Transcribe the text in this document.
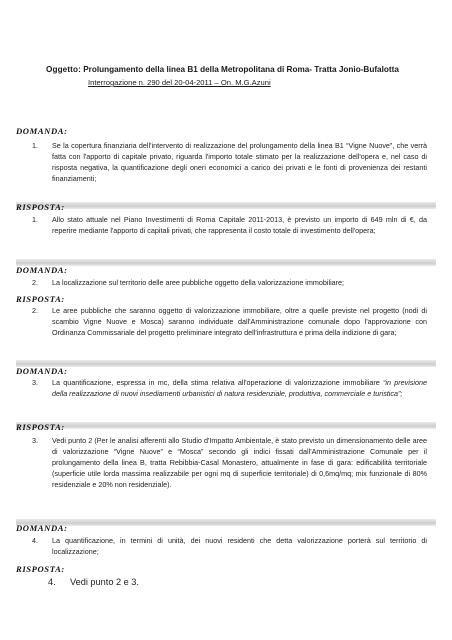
Oggetto: Prolungamento della linea B1 della Metropolitana di Roma- Tratta Jonio-Bufalotta
Interrogazione n. 290 del 20-04-2011 – On. M.G.Azuni
DOMANDA:
1. Se la copertura finanziaria dell'intervento di realizzazione del prolungamento della linea B1 “Vigne Nuove”, che verrà fatta con l'apporto di capitale privato, riguarda l'importo totale stimato per la realizzazione dell'opera e, nel caso di risposta negativa, la quantificazione degli oneri economici a carico dei privati e le fonti di provenienza dei restanti finanziamenti;
RISPOSTA:
1. Allo stato attuale nel Piano Investimenti di Roma Capitale 2011-2013, è previsto un importo di 649 mln di €, da reperire mediante l'apporto di capitali privati, che rappresenta il costo totale di investimento dell'opera;
DOMANDA:
2. La localizzazione sul territorio delle aree pubbliche oggetto della valorizzazione immobiliare;
RISPOSTA:
2. Le aree pubbliche che saranno oggetto di valorizzazione immobiliare, oltre a quelle previste nel progetto (nodi di scambio Vigne Nuove e Mosca) saranno individuate dall'Amministrazione comunale dopo l'approvazione con Ordinanza Commissariale del progetto preliminare integrato dell'infrastruttura e prima della indizione di gara;
DOMANDA:
3. La quantificazione, espressa in mc, della stima relativa all'operazione di valorizzazione immobiliare “in previsione della realizzazione di nuovi insediamenti urbanistici di natura residenziale, produttiva, commerciale e turistica”;
RISPOSTA:
3. Vedi punto 2 (Per le analisi afferenti allo Studio d'Impatto Ambientale, è stato previsto un dimensionamento delle aree di valorizzazione “Vigne Nuove” e “Mosca” secondo gli indici fissati dall'Amministrazione Comunale per il prolungamento della linea B, tratta Rebibbia-Casal Monastero, attualmente in fase di gara: edificabilità territoriale (superficie utile lorda massima realizzabile per ogni mq di superficie territoriale) di 0,6mq/mq; mix funzionale di 80% residenziale e 20% non residenziale).
DOMANDA:
4. La quantificazione, in termini di unità, dei nuovi residenti che detta valorizzazione porterà sul territorio di localizzazione;
RISPOSTA:
4. Vedi punto 2 e 3.
